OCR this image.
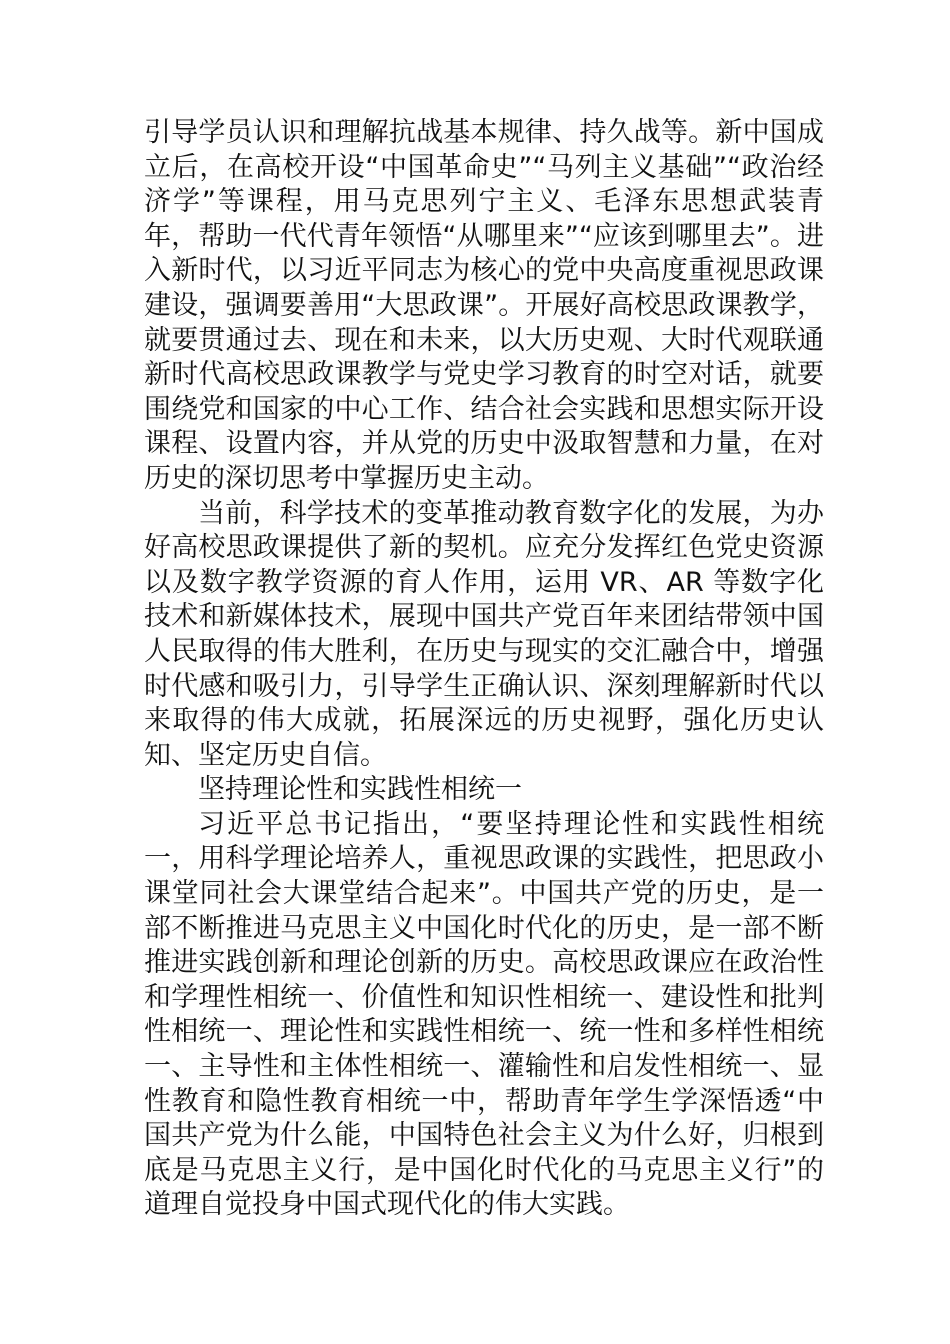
引导学员认识和理解抗战基本规律、持久战等。新中国成立后，在高校开设“中国革命史”“马列主义基础”“政治经济学”等课程，用马克思列宁主义、毛泽东思想武装青年，帮助一代代青年领悟“从哪里来”“应该到哪里去”。进入新时代，以习近平同志为核心的党中央高度重视思政课建设，强调要善用“大思政课”。开展好高校思政课教学，就要贯通过去、现在和未来，以大历史观、大时代观联通新时代高校思政课教学与党史学习教育的时空对话，就要围绕党和国家的中心工作、结合社会实践和思想实际开设课程、设置内容，并从党的历史中汲取智慧和力量，在对历史的深切思考中掌握历史主动。

当前，科学技术的变革推动教育数字化的发展，为办好高校思政课提供了新的契机。应充分发挥红色党史资源以及数字教学资源的育人作用，运用 VR、AR 等数字化技术和新媒体技术，展现中国共产党百年来团结带领中国人民取得的伟大胜利，在历史与现实的交汇融合中，增强时代感和吸引力，引导学生正确认识、深刻理解新时代以来取得的伟大成就，拓展深远的历史视野，强化历史认知、坚定历史自信。

坚持理论性和实践性相统一

习近平总书记指出，“要坚持理论性和实践性相统一，用科学理论培养人，重视思政课的实践性，把思政小课堂同社会大课堂结合起来”。中国共产党的历史，是一部不断推进马克思主义中国化时代化的历史，是一部不断推进实践创新和理论创新的历史。高校思政课应在政治性和学理性相统一、价值性和知识性相统一、建设性和批判性相统一、理论性和实践性相统一、统一性和多样性相统一、主导性和主体性相统一、灌输性和启发性相统一、显性教育和隐性教育相统一中，帮助青年学生学深悟透“中国共产党为什么能，中国特色社会主义为什么好，归根到底是马克思主义行，是中国化时代化的马克思主义行”的道理自觉投身中国式现代化的伟大实践。
